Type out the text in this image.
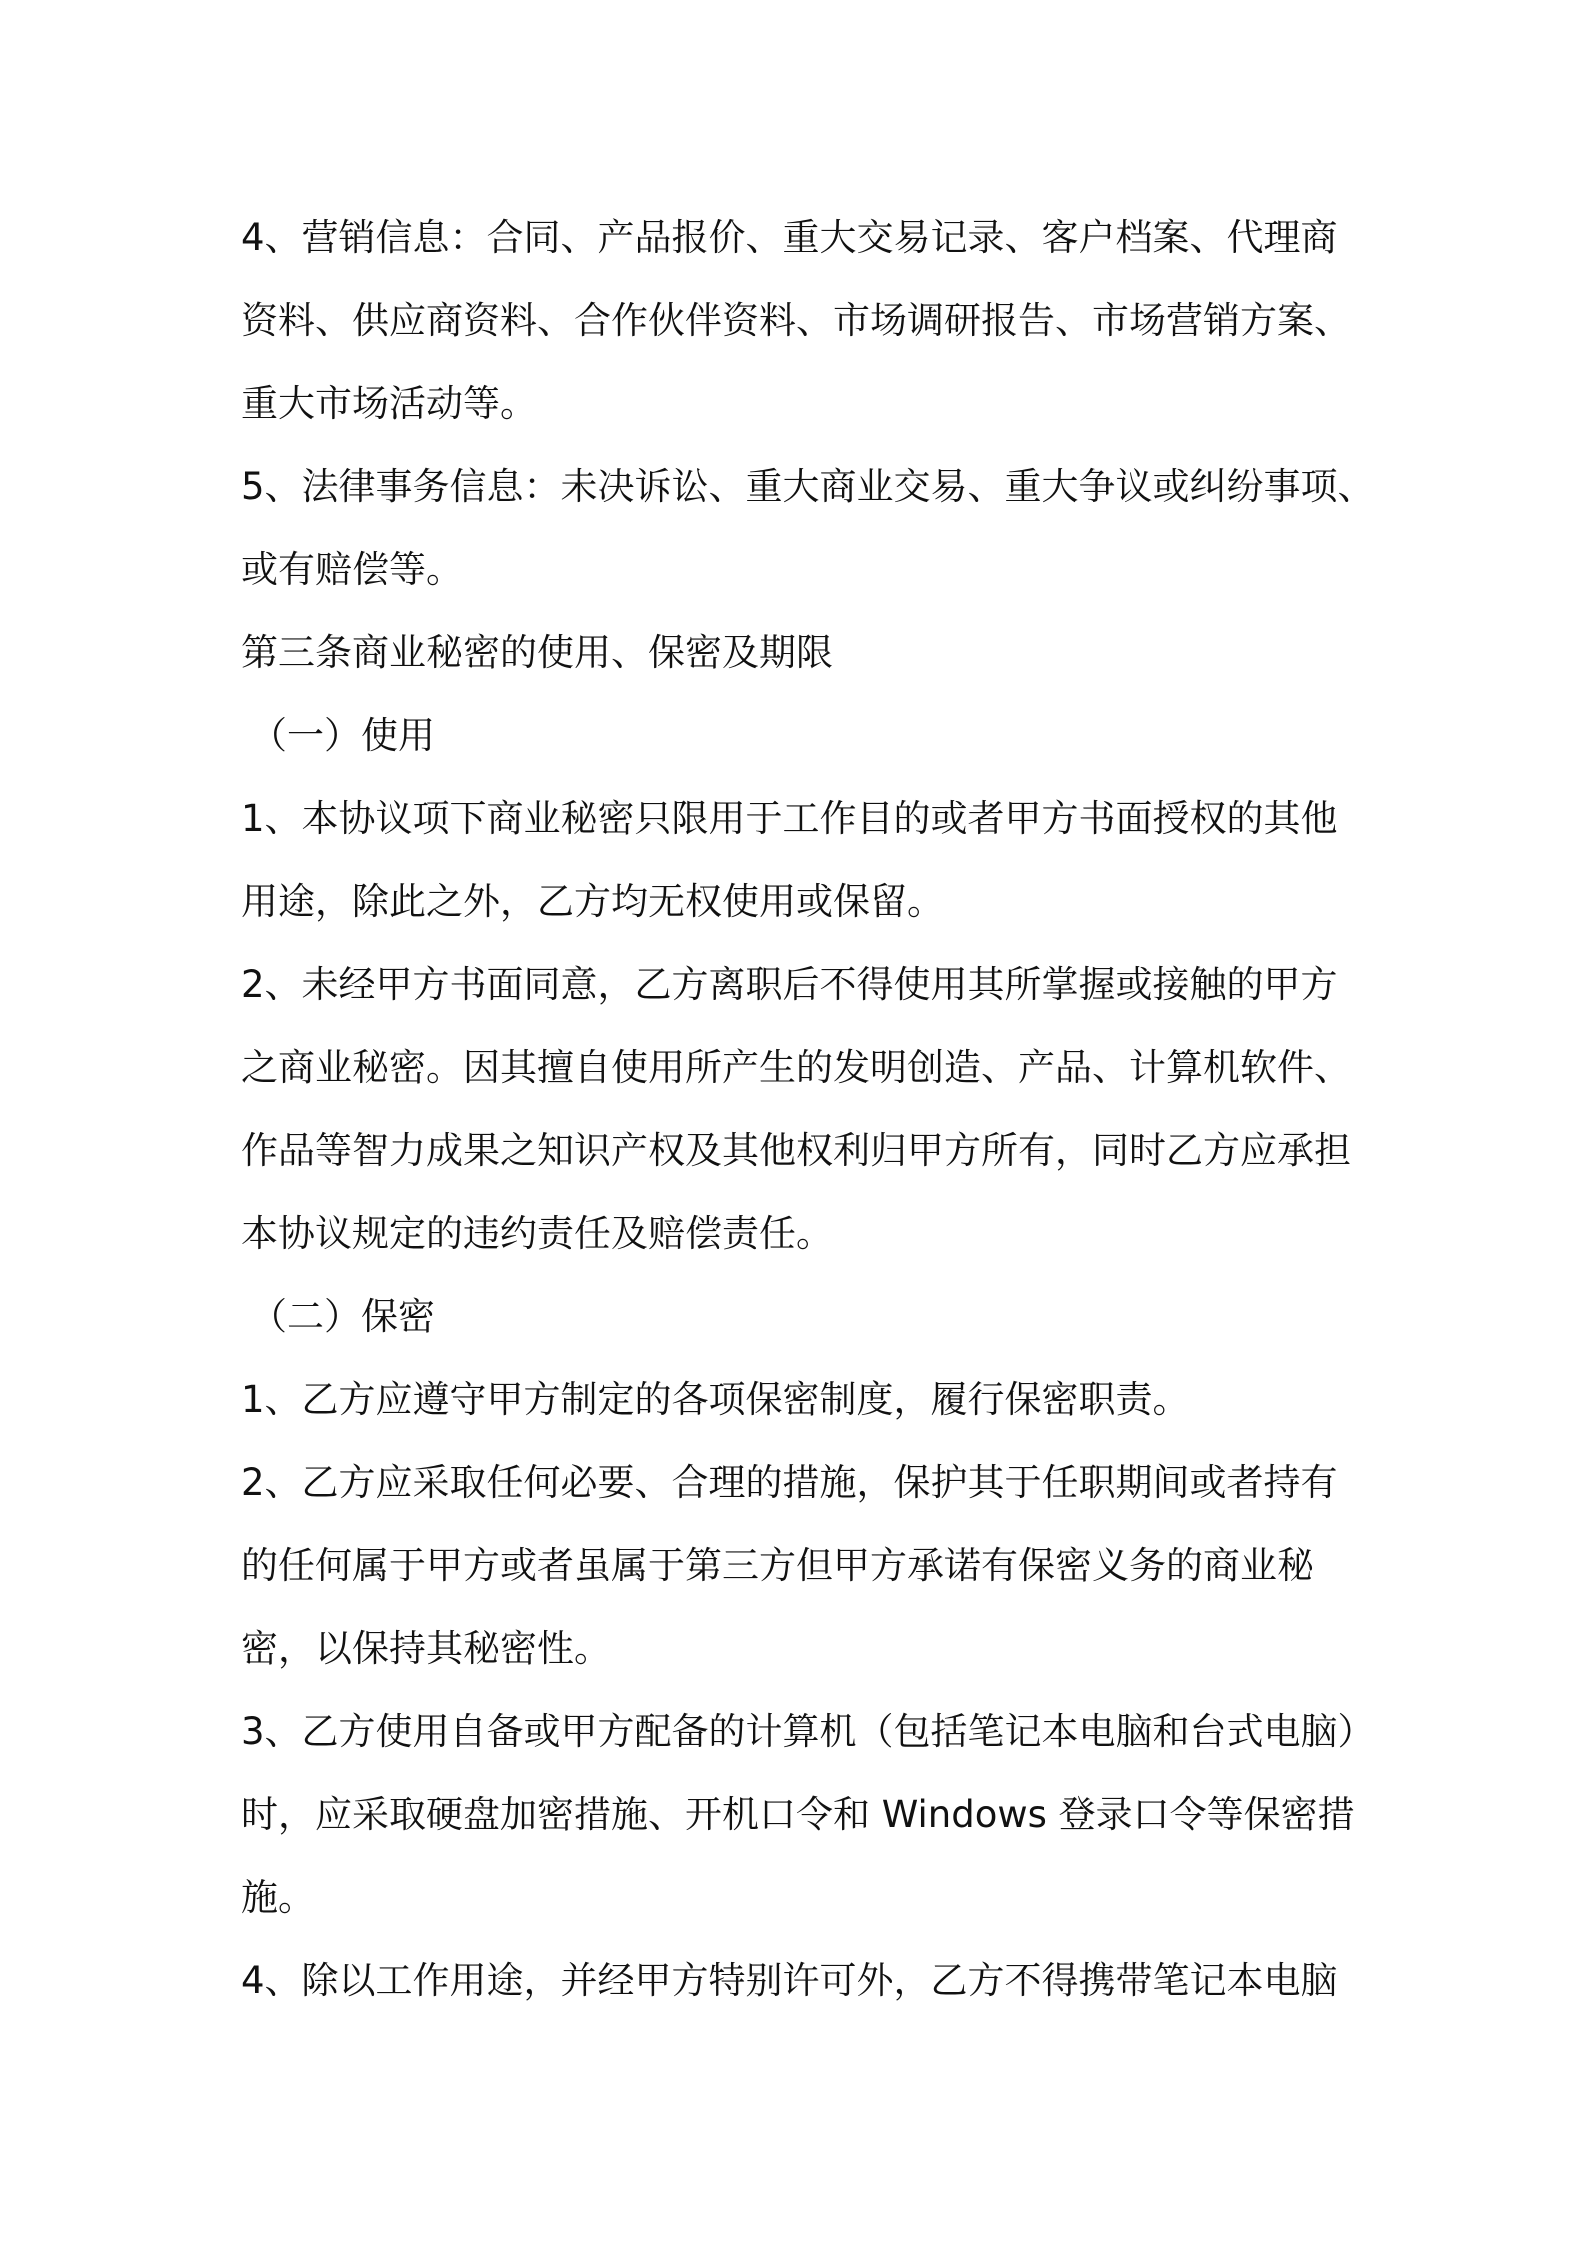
4、营销信息：合同、产品报价、重大交易记录、客户档案、代理商
资料、供应商资料、合作伙伴资料、市场调研报告、市场营销方案、
重大市场活动等。
5、法律事务信息：未决诉讼、重大商业交易、重大争议或纠纷事项、
或有赔偿等。
第三条商业秘密的使用、保密及期限
（一）使用
1、本协议项下商业秘密只限用于工作目的或者甲方书面授权的其他
用途，除此之外，乙方均无权使用或保留。
2、未经甲方书面同意，乙方离职后不得使用其所掌握或接触的甲方
之商业秘密。因其擅自使用所产生的发明创造、产品、计算机软件、
作品等智力成果之知识产权及其他权利归甲方所有，同时乙方应承担
本协议规定的违约责任及赔偿责任。
（二）保密
1、乙方应遵守甲方制定的各项保密制度，履行保密职责。
2、乙方应采取任何必要、合理的措施，保护其于任职期间或者持有
的任何属于甲方或者虽属于第三方但甲方承诺有保密义务的商业秘
密，以保持其秘密性。
3、乙方使用自备或甲方配备的计算机（包括笔记本电脑和台式电脑）
时，应采取硬盘加密措施、开机口令和 Windows 登录口令等保密措
施。
4、除以工作用途，并经甲方特别许可外，乙方不得携带笔记本电脑
